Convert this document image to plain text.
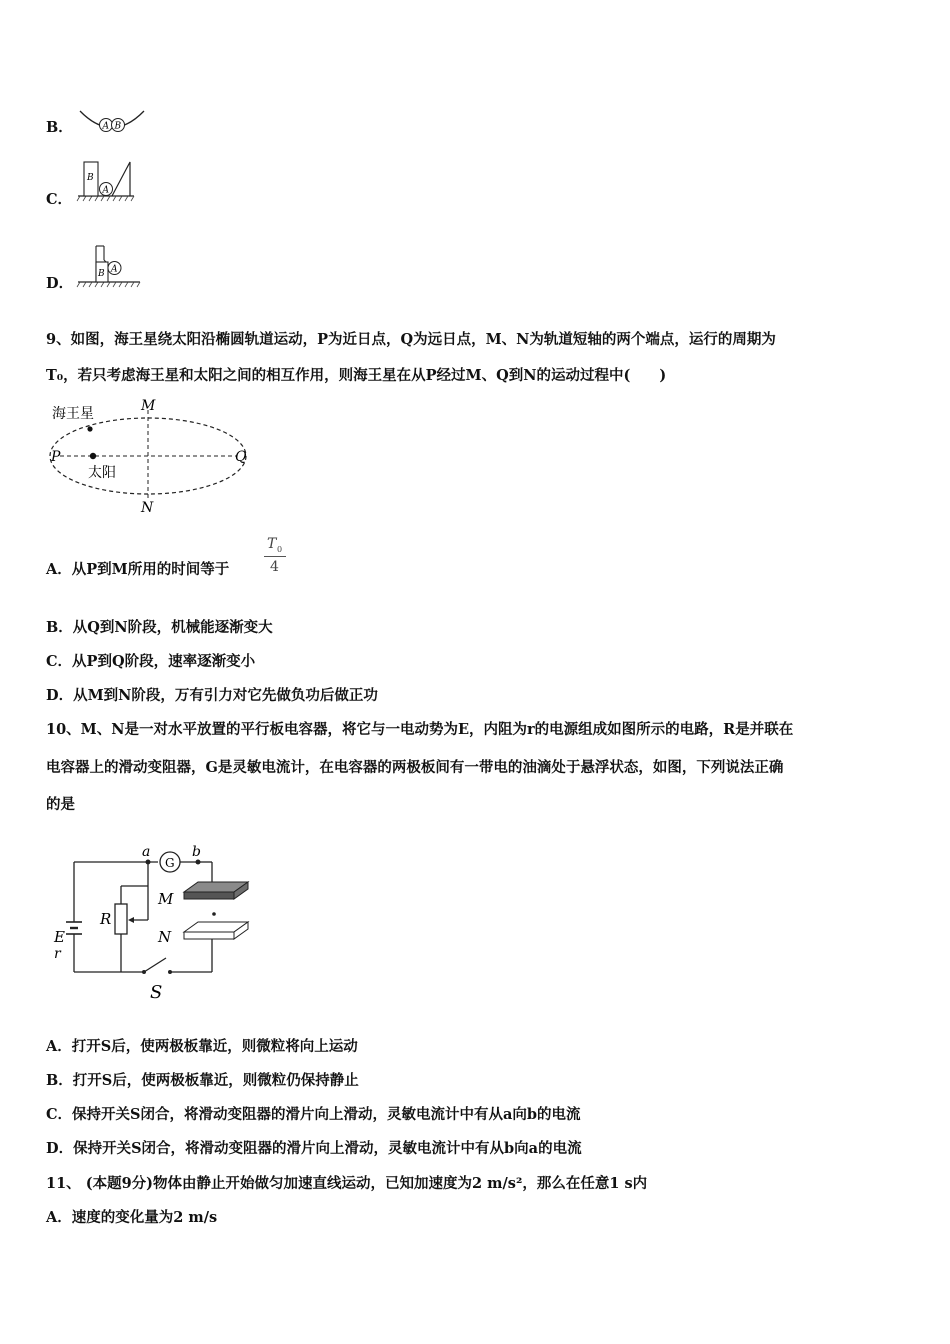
B．	A B
C．
B
A
D．
B A
9、如图，海王星绕太阳沿椭圆轨道运动，P为近日点，Q为远日点，M、N为轨道短轴的两个端点，运行的周期为
T₀，若只考虑海王星和太阳之间的相互作用，则海王星在从P经过M、Q到N的运动过程中(　　)
海王星
太阳
P	Q
M
N
A．从P到M所用的时间等于
T 0
4
B．从Q到N阶段，机械能逐渐变大
C．从P到Q阶段，速率逐渐变小
D．从M到N阶段，万有引力对它先做负功后做正功
10、M、N是一对水平放置的平行板电容器，将它与一电动势为E，内阻为r的电源组成如图所示的电路，R是并联在
电容器上的滑动变阻器，G是灵敏电流计，在电容器的两极板间有一带电的油滴处于悬浮状态，如图，下列说法正确
的是
E
r
a
G
b
R
M
N
S
A．打开S后，使两极板靠近，则微粒将向上运动
B．打开S后，使两极板靠近，则微粒仍保持静止
C．保持开关S闭合，将滑动变阻器的滑片向上滑动，灵敏电流计中有从a向b的电流
D．保持开关S闭合，将滑动变阻器的滑片向上滑动，灵敏电流计中有从b向a的电流
11、 (本题9分)物体由静止开始做匀加速直线运动，已知加速度为2 m/s²，那么在任意1 s内
A．速度的变化量为2 m/s
